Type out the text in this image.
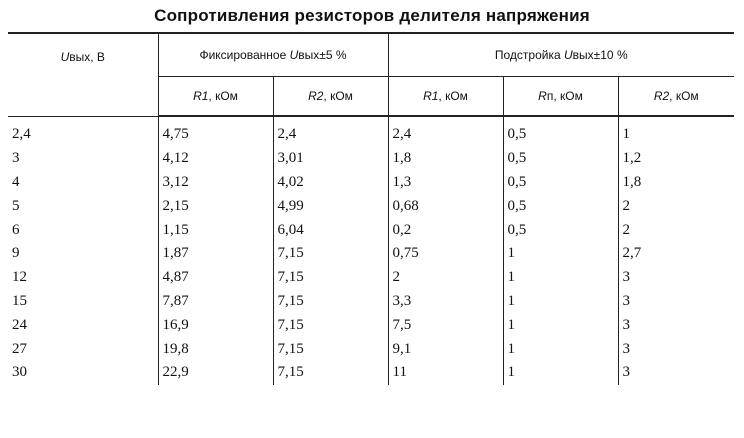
Сопротивления резисторов делителя напряжения
Uвых, В	Фиксированное Uвых±5 %		Подстройка Uвых±10 %		
	R1, кОм	R2, кОм	R1, кОм	Rп, кОм	R2, кОм
2,4	4,75	2,4	2,4	0,5	1
3	4,12	3,01	1,8	0,5	1,2
4	3,12	4,02	1,3	0,5	1,8
5	2,15	4,99	0,68	0,5	2
6	1,15	6,04	0,2	0,5	2
9	1,87	7,15	0,75	1	2,7
12	4,87	7,15	2	1	3
15	7,87	7,15	3,3	1	3
24	16,9	7,15	7,5	1	3
27	19,8	7,15	9,1	1	3
30	22,9	7,15	11	1	3
